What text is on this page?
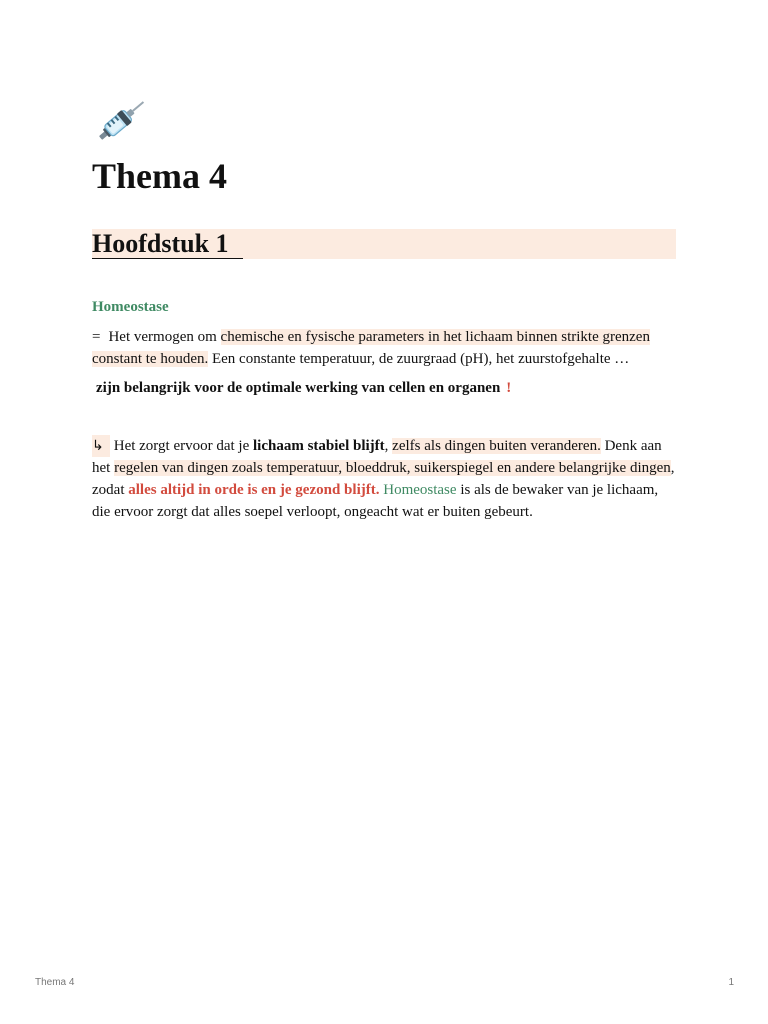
Thema 4
Hoofdstuk 1
Homeostase

= Het vermogen om chemische en fysische parameters in het lichaam binnen strikte grenzen constant te houden. Een constante temperatuur, de zuurgraad (pH), het zuurstofgehalte …

zijn belangrijk voor de optimale werking van cellen en organen !

↳ Het zorgt ervoor dat je lichaam stabiel blijft, zelfs als dingen buiten veranderen. Denk aan het regelen van dingen zoals temperatuur, bloeddruk, suikerspiegel en andere belangrijke dingen, zodat alles altijd in orde is en je gezond blijft. Homeostase is als de bewaker van je lichaam, die ervoor zorgt dat alles soepel verloopt, ongeacht wat er buiten gebeurt.

Thema 4	1
